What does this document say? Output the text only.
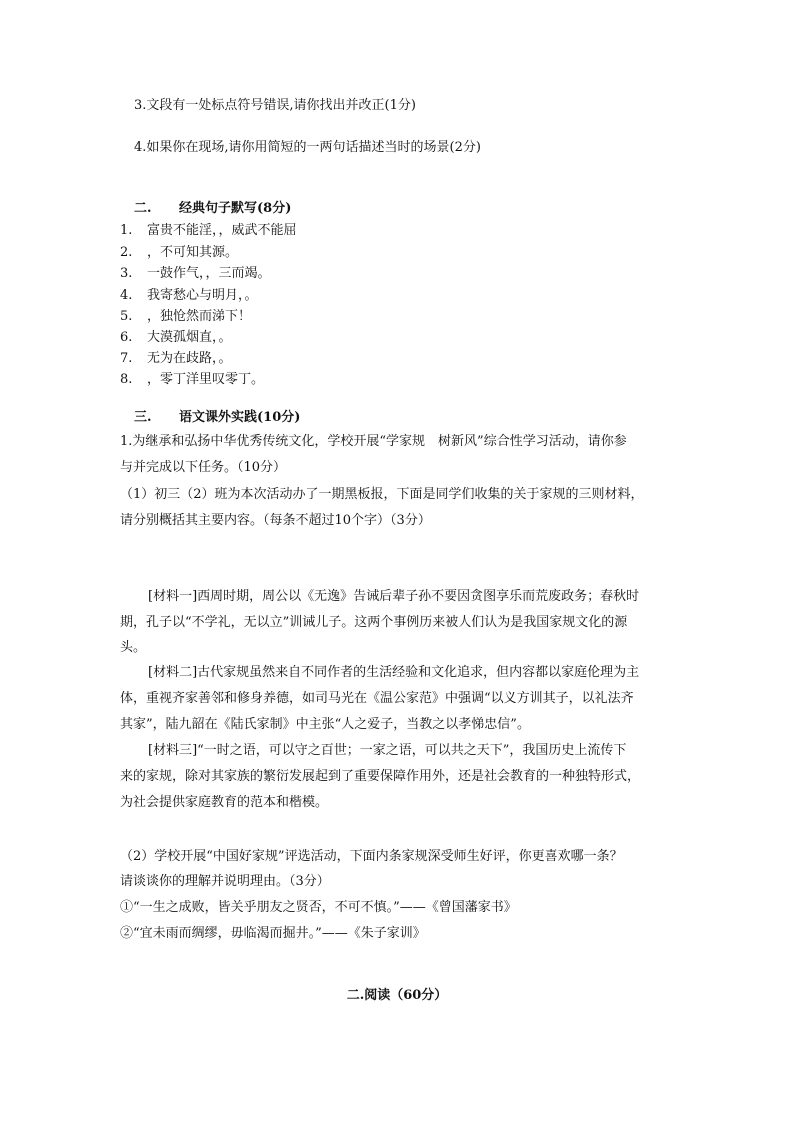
3.文段有一处标点符号错误,请你找出并改正(1分)
4.如果你在现场,请你用简短的一两句话描述当时的场景(2分)
二. 经典句子默写(8分)
1. 富贵不能淫，，威武不能屈
2. ，不可知其源。
3. 一鼓作气，，三而竭。
4. 我寄愁心与明月，。
5. ，独怆然而涕下！
6. 大漠孤烟直，。
7. 无为在歧路，。
8. ，零丁洋里叹零丁。
三. 语文课外实践(10分)
1.为继承和弘扬中华优秀传统文化，学校开展“学家规　树新风”综合性学习活动，请你参
与并完成以下任务。（10分）
（1）初三（2）班为本次活动办了一期黑板报，下面是同学们收集的关于家规的三则材料，
请分别概括其主要内容。（每条不超过10个字）（3分）
[材料一]西周时期，周公以《无逸》告诫后辈子孙不要因贪图享乐而荒废政务；春秋时
期，孔子以“不学礼，无以立”训诫儿子。这两个事例历来被人们认为是我国家规文化的源
头。
[材料二]古代家规虽然来自不同作者的生活经验和文化追求，但内容都以家庭伦理为主
体，重视齐家善邻和修身养德，如司马光在《温公家范》中强调“以义方训其子，以礼法齐
其家”，陆九韶在《陆氏家制》中主张“人之爱子，当教之以孝悌忠信”。
[材料三]“一时之语，可以守之百世；一家之语，可以共之天下”，我国历史上流传下
来的家规，除对其家族的繁衍发展起到了重要保障作用外，还是社会教育的一种独特形式，
为社会提供家庭教育的范本和楷模。
（2）学校开展“中国好家规”评选活动，下面内条家规深受师生好评，你更喜欢哪一条？
请谈谈你的理解并说明理由。（3分）
①“一生之成败，皆关乎朋友之贤否，不可不慎。”——《曾国藩家书》
②“宜未雨而绸缪，毋临渴而掘井。”——《朱子家训》
二.阅读（60分）
